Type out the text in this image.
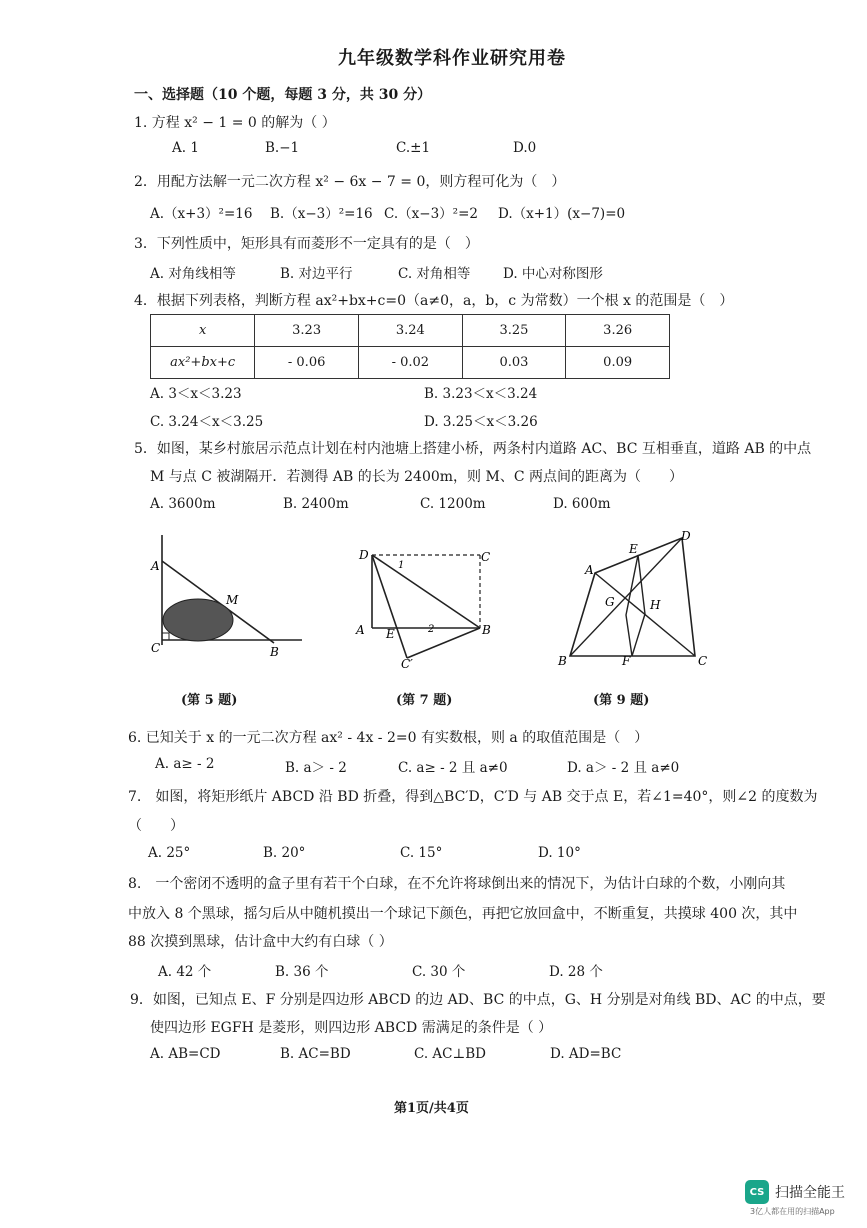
九年级数学科作业研究用卷
一、选择题（10 个题，每题 3 分，共 30 分）
1. 方程 x² − 1 = 0 的解为（ ）
A. 1	B.−1	C.±1	D.0
2．用配方法解一元二次方程 x² − 6x − 7 = 0，则方程可化为（　）
A.（x+3）²=16 B.（x−3）²=16 C.（x−3）²=2 D.（x+1）(x−7)=0
3．下列性质中，矩形具有而菱形不一定具有的是（　）
A. 对角线相等	B. 对边平行	C. 对角相等 D. 中心对称图形
4．根据下列表格，判断方程 ax²+bx+c=0（a≠0，a，b，c 为常数）一个根 x 的范围是（　）
x	3.23	3.24	3.25	3.26
ax²+bx+c	- 0.06	- 0.02	0.03	0.09
A. 3＜x＜3.23	B. 3.23＜x＜3.24
C. 3.24＜x＜3.25	D. 3.25＜x＜3.26
5．如图，某乡村旅居示范点计划在村内池塘上搭建小桥，两条村内道路 AC、BC 互相垂直，道路 AB 的中点
M 与点 C 被湖隔开．若测得 AB 的长为 2400m，则 M、C 两点间的距离为（　　）
A. 3600m	B. 2400m	C. 1200m	D. 600m
A
M
C	B
(第 5 题)
D	C
1
A E	2	B
C′
(第 7 题)
A
E
D
G	H
B	F	C
(第 9 题)
6. 已知关于 x 的一元二次方程 ax² - 4x - 2=0 有实数根，则 a 的取值范围是（　）
A. a≥ - 2	B. a＞ - 2	C. a≥ - 2 且 a≠0	D. a＞ - 2 且 a≠0
7.　如图，将矩形纸片 ABCD 沿 BD 折叠，得到△BC′D，C′D 与 AB 交于点 E，若∠1=40°，则∠2 的度数为
（　　）
A. 25°	B. 20°	C. 15°	D. 10°
8.　一个密闭不透明的盒子里有若干个白球，在不允许将球倒出来的情况下，为估计白球的个数，小刚向其
中放入 8 个黑球，摇匀后从中随机摸出一个球记下颜色，再把它放回盒中，不断重复，共摸球 400 次，其中
88 次摸到黑球，估计盒中大约有白球（ ）
A. 42 个	B. 36 个	C. 30 个	D. 28 个
9．如图，已知点 E、F 分别是四边形 ABCD 的边 AD、BC 的中点，G、H 分别是对角线 BD、AC 的中点，要
使四边形 EGFH 是菱形，则四边形 ABCD 需满足的条件是（ ）
A. AB=CD	B. AC=BD	C. AC⊥BD	D. AD=BC
第1页/共4页
CS 扫描全能王
3亿人都在用的扫描App
